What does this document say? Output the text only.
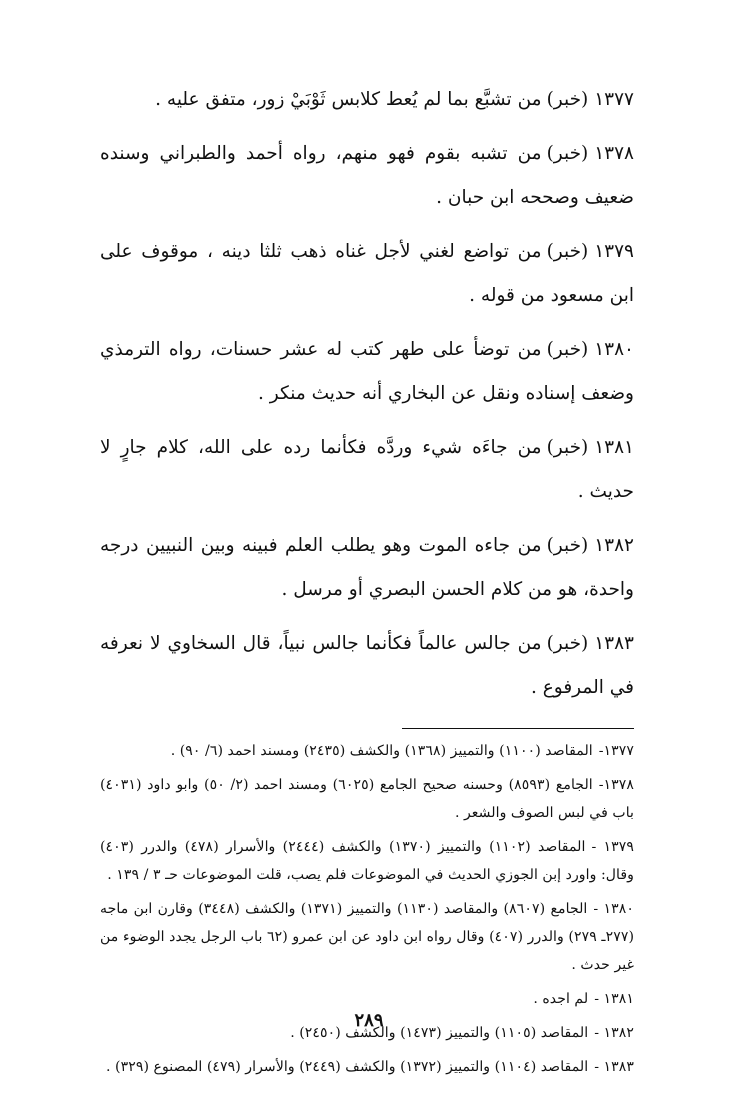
١٣٧٧(خبر)من تشبَّع بما لم يُعط كلابس ثَوْبَيْ زور، متفق عليه .

١٣٧٨(خبر)من تشبه بقوم فهو منهم، رواه أحمد والطبراني وسنده ضعيف وصححه ابن حبان .

١٣٧٩(خبر)من تواضع لغني لأجل غناه ذهب ثلثا دينه ، موقوف على ابن مسعود من قوله .

١٣٨٠(خبر)من توضأ على طهر كتب له عشر حسنات، رواه الترمذي وضعف إسناده ونقل عن البخاري أنه حديث منكر .

١٣٨١(خبر)من جاءَه شيء وردَّه فكأنما رده على الله، كلام جارٍ لا حديث .

١٣٨٢(خبر)من جاءه الموت وهو يطلب العلم فبينه وبين النبيين درجه واحدة، هو من كلام الحسن البصري أو مرسل .

١٣٨٣(خبر)من جالس عالماً فكأنما جالس نبياً، قال السخاوي لا نعرفه في المرفوع .

١٣٧٧-المقاصد (١١٠٠) والتمييز (١٣٦٨) والكشف (٢٤٣٥) ومسند احمد (٦/ ٩٠) .

١٣٧٨-الجامع (٨٥٩٣) وحسنه صحيح الجامع (٦٠٢٥) ومسند احمد (٢/ ٥٠) وابو داود (٤٠٣١) باب في لبس الصوف والشعر .

١٣٧٩ -المقاصد (١١٠٢) والتمييز (١٣٧٠) والكشف (٢٤٤٤) والأسرار (٤٧٨) والدرر (٤٠٣) وقال: واورد إبن الجوزي الحديث في الموضوعات فلم يصب، قلت الموضوعات حـ ٣ / ١٣٩ .

١٣٨٠ -الجامع (٨٦٠٧) والمقاصد (١١٣٠) والتمييز (١٣٧١) والكشف (٣٤٤٨) وقارن ابن ماجه (٢٧٧ـ ٢٧٩) والدرر (٤٠٧) وقال رواه ابن داود عن ابن عمرو (٦٢ باب الرجل يجدد الوضوء من غير حدث .

١٣٨١ -لم اجده .

١٣٨٢ -المقاصد (١١٠٥) والتمييز (١٤٧٣) والكشف (٢٤٥٠) .

١٣٨٣ -المقاصد (١١٠٤) والتمييز (١٣٧٢) والكشف (٢٤٤٩) والأسرار (٤٧٩) المصنوع (٣٢٩) .

٢٨٩
